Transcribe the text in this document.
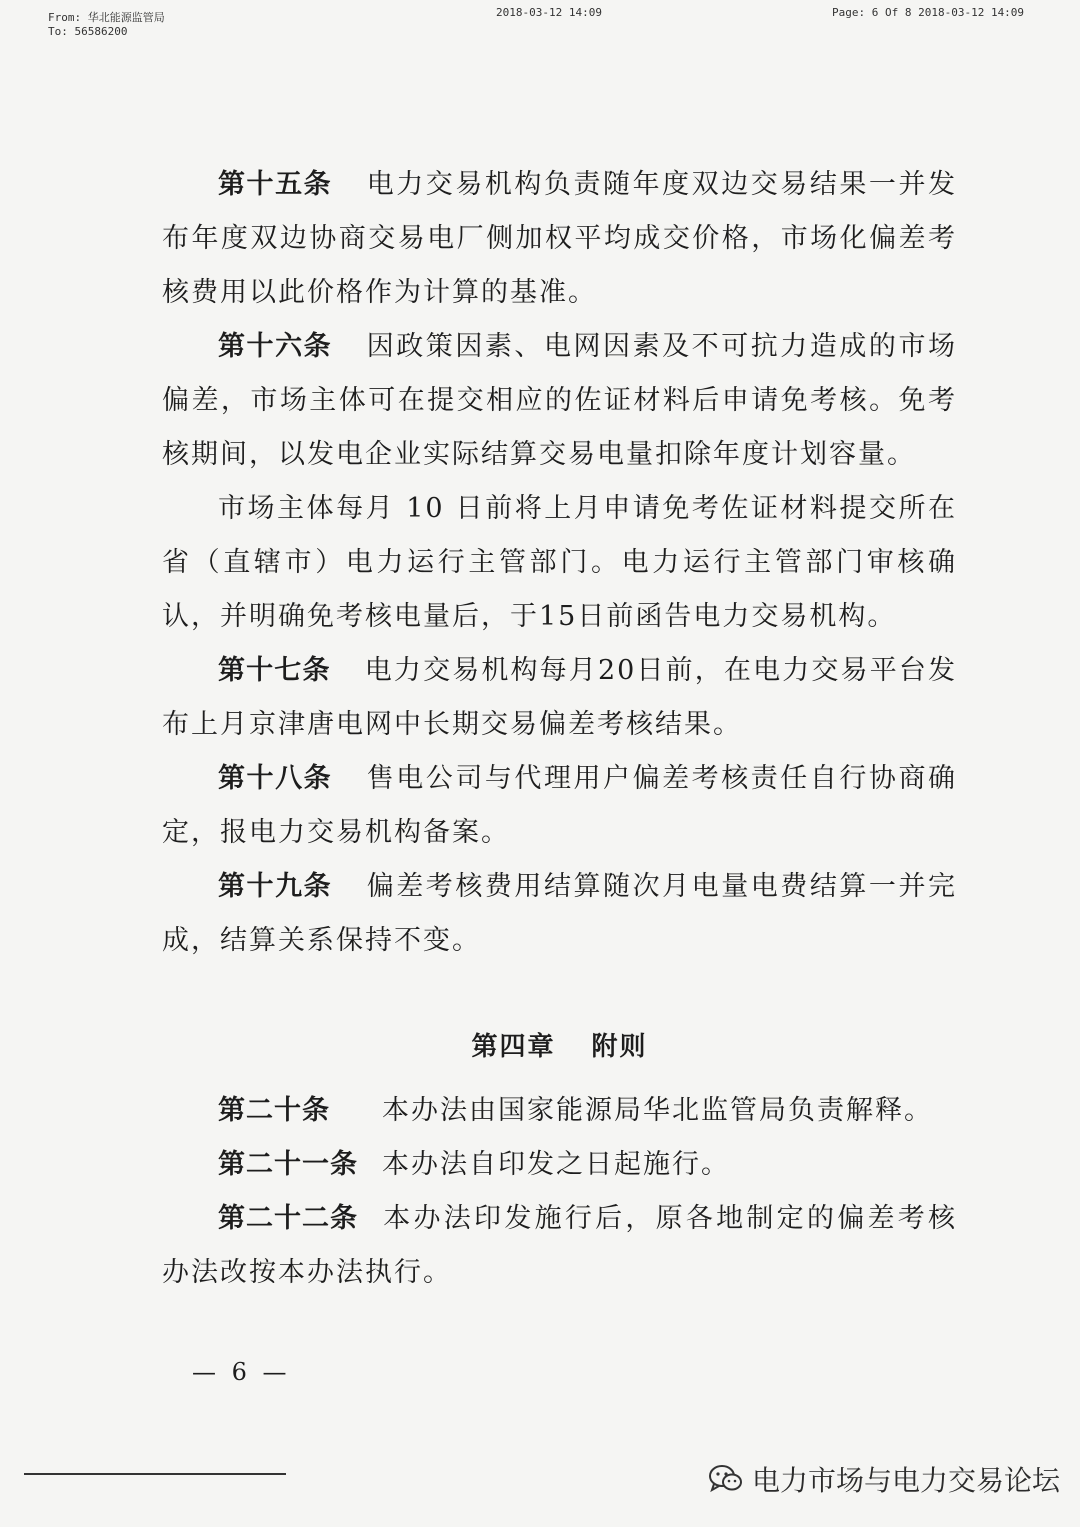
From: 华北能源监管局
To: 56586200
2018-03-12 14:09	Page: 6 Of 8 2018-03-12 14:09

第十五条 电力交易机构负责随年度双边交易结果一并发布年度双边协商交易电厂侧加权平均成交价格，市场化偏差考核费用以此价格作为计算的基准。

第十六条 因政策因素、电网因素及不可抗力造成的市场偏差，市场主体可在提交相应的佐证材料后申请免考核。免考核期间，以发电企业实际结算交易电量扣除年度计划容量。

市场主体每月 10 日前将上月申请免考佐证材料提交所在省（直辖市）电力运行主管部门。电力运行主管部门审核确认，并明确免考核电量后，于15日前函告电力交易机构。

第十七条 电力交易机构每月20日前，在电力交易平台发布上月京津唐电网中长期交易偏差考核结果。

第十八条 售电公司与代理用户偏差考核责任自行协商确定，报电力交易机构备案。

第十九条 偏差考核费用结算随次月电量电费结算一并完成，结算关系保持不变。

第四章 附则

第二十条 本办法由国家能源局华北监管局负责解释。

第二十一条 本办法自印发之日起施行。

第二十二条 本办法印发施行后，原各地制定的偏差考核办法改按本办法执行。

— 6 —
电力市场与电力交易论坛
